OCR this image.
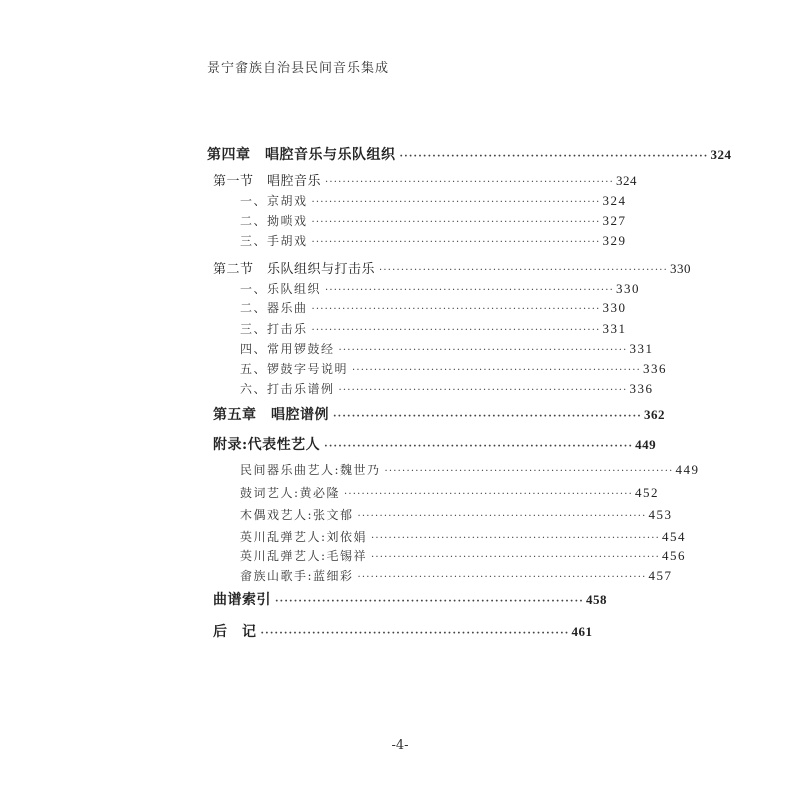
景宁畲族自治县民间音乐集成
第四章　唱腔音乐与乐队组织 ·································································· 324
第一节　唱腔音乐 ·································································· 324
一、京胡戏 ·································································· 324
二、拗唢戏 ·································································· 327
三、手胡戏 ·································································· 329
第二节　乐队组织与打击乐 ·································································· 330
一、乐队组织 ·································································· 330
二、器乐曲 ·································································· 330
三、打击乐 ·································································· 331
四、常用锣鼓经 ·································································· 331
五、锣鼓字号说明 ·································································· 336
六、打击乐谱例 ·································································· 336
第五章　唱腔谱例 ·································································· 362
附录:代表性艺人 ·································································· 449
民间器乐曲艺人:魏世乃 ·································································· 449
鼓词艺人:黄必隆 ·································································· 452
木偶戏艺人:张文郁 ·································································· 453
英川乱弹艺人:刘依娟 ·································································· 454
英川乱弹艺人:毛锡祥 ·································································· 456
畲族山歌手:蓝细彩 ·································································· 457
曲谱索引 ·································································· 458
后　记 ·································································· 461
-4-
